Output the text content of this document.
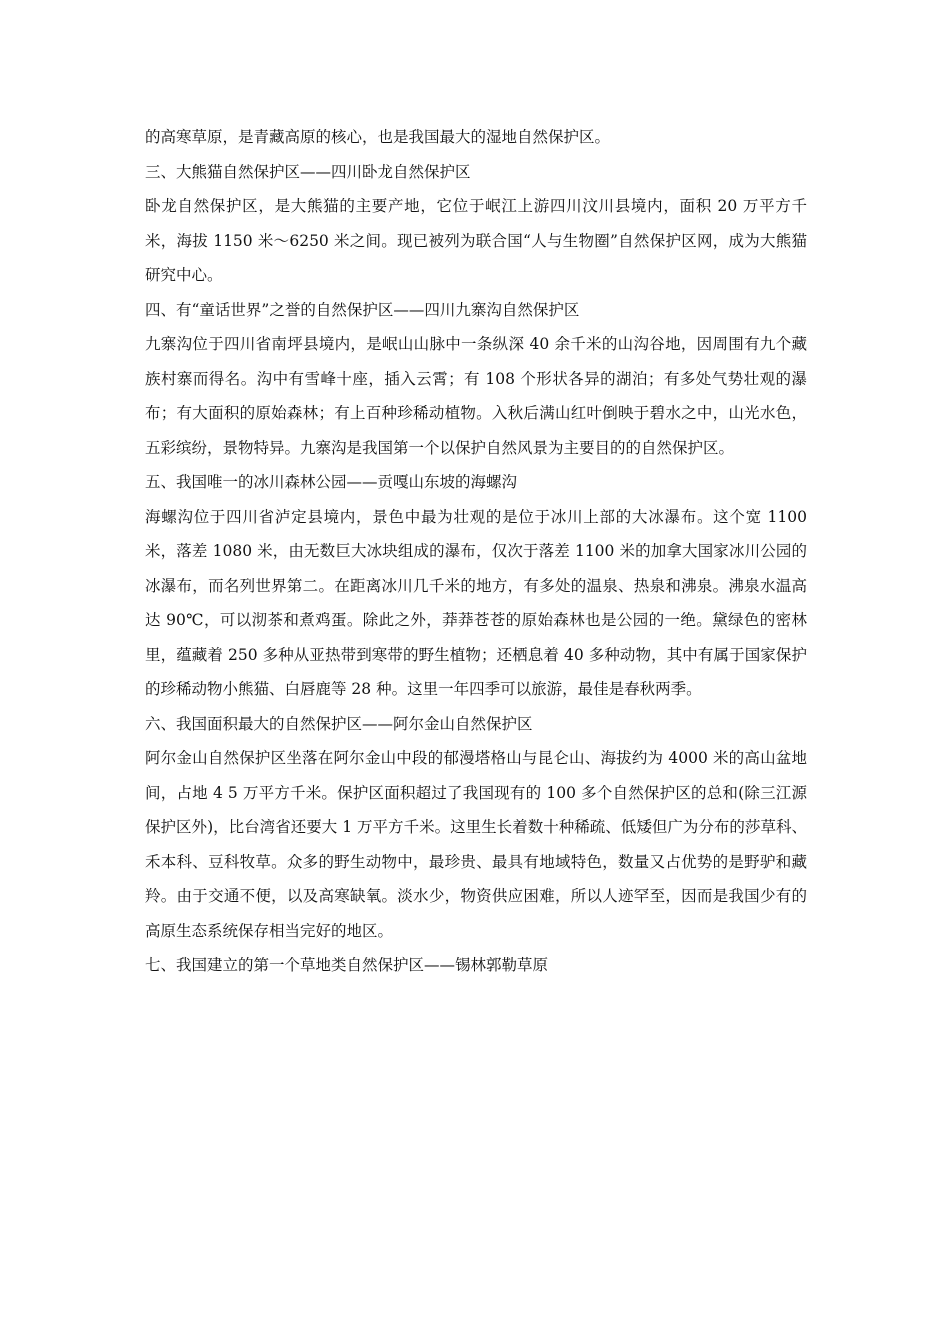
的高寒草原，是青藏高原的核心，也是我国最大的湿地自然保护区。

三、大熊猫自然保护区——四川卧龙自然保护区

卧龙自然保护区，是大熊猫的主要产地，它位于岷江上游四川汶川县境内，面积 20 万平方千米，海拔 1150 米～6250 米之间。现已被列为联合国“人与生物圈”自然保护区网，成为大熊猫研究中心。

四、有“童话世界”之誉的自然保护区——四川九寨沟自然保护区

九寨沟位于四川省南坪县境内，是岷山山脉中一条纵深 40 余千米的山沟谷地，因周围有九个藏族村寨而得名。沟中有雪峰十座，插入云霄；有 108 个形状各异的湖泊；有多处气势壮观的瀑布；有大面积的原始森林；有上百种珍稀动植物。入秋后满山红叶倒映于碧水之中，山光水色，五彩缤纷，景物特异。九寨沟是我国第一个以保护自然风景为主要目的的自然保护区。

五、我国唯一的冰川森林公园——贡嘎山东坡的海螺沟

海螺沟位于四川省泸定县境内，景色中最为壮观的是位于冰川上部的大冰瀑布。这个宽 1100 米，落差 1080 米，由无数巨大冰块组成的瀑布，仅次于落差 1100 米的加拿大国家冰川公园的冰瀑布，而名列世界第二。在距离冰川几千米的地方，有多处的温泉、热泉和沸泉。沸泉水温高达 90℃，可以沏茶和煮鸡蛋。除此之外，莽莽苍苍的原始森林也是公园的一绝。黛绿色的密林里，蕴藏着 250 多种从亚热带到寒带的野生植物；还栖息着 40 多种动物，其中有属于国家保护的珍稀动物小熊猫、白唇鹿等 28 种。这里一年四季可以旅游，最佳是春秋两季。

六、我国面积最大的自然保护区——阿尔金山自然保护区

阿尔金山自然保护区坐落在阿尔金山中段的郁漫塔格山与昆仑山、海拔约为 4000 米的高山盆地间，占地 4 5 万平方千米。保护区面积超过了我国现有的 100 多个自然保护区的总和(除三江源保护区外)，比台湾省还要大 1 万平方千米。这里生长着数十种稀疏、低矮但广为分布的莎草科、禾本科、豆科牧草。众多的野生动物中，最珍贵、最具有地域特色，数量又占优势的是野驴和藏羚。由于交通不便，以及高寒缺氧。淡水少，物资供应困难，所以人迹罕至，因而是我国少有的高原生态系统保存相当完好的地区。

七、我国建立的第一个草地类自然保护区——锡林郭勒草原
